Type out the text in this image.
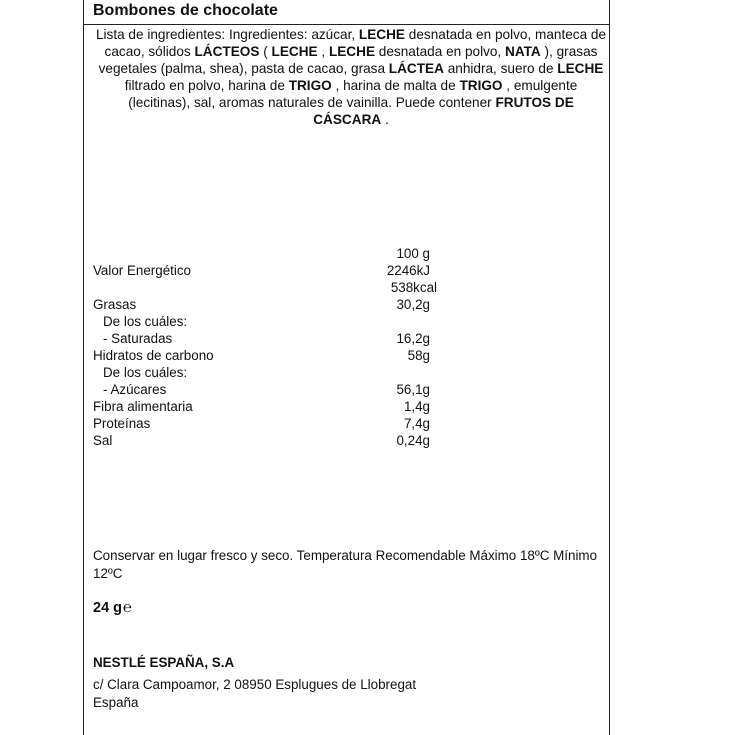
Bombones de chocolate
Lista de ingredientes: Ingredientes: azúcar, LECHE desnatada en polvo, manteca de cacao, sólidos LÁCTEOS ( LECHE , LECHE desnatada en polvo, NATA ), grasas vegetales (palma, shea), pasta de cacao, grasa LÁCTEA anhidra, suero de LECHE filtrado en polvo, harina de TRIGO , harina de malta de TRIGO , emulgente (lecitinas), sal, aromas naturales de vainilla. Puede contener FRUTOS DE CÁSCARA .
100 g
Valor Energético	2246kJ
538kcal
Grasas	30,2g
De los cuáles:
- Saturadas	16,2g
Hidratos de carbono	58g
De los cuáles:
- Azúcares	56,1g
Fibra alimentaria	1,4g
Proteínas	7,4g
Sal	0,24g
Conservar en lugar fresco y seco. Temperatura Recomendable Máximo 18ºC Mínimo 12ºC
24 g℮
NESTLÉ ESPAÑA, S.A
c/ Clara Campoamor, 2 08950 Esplugues de Llobregat
España
